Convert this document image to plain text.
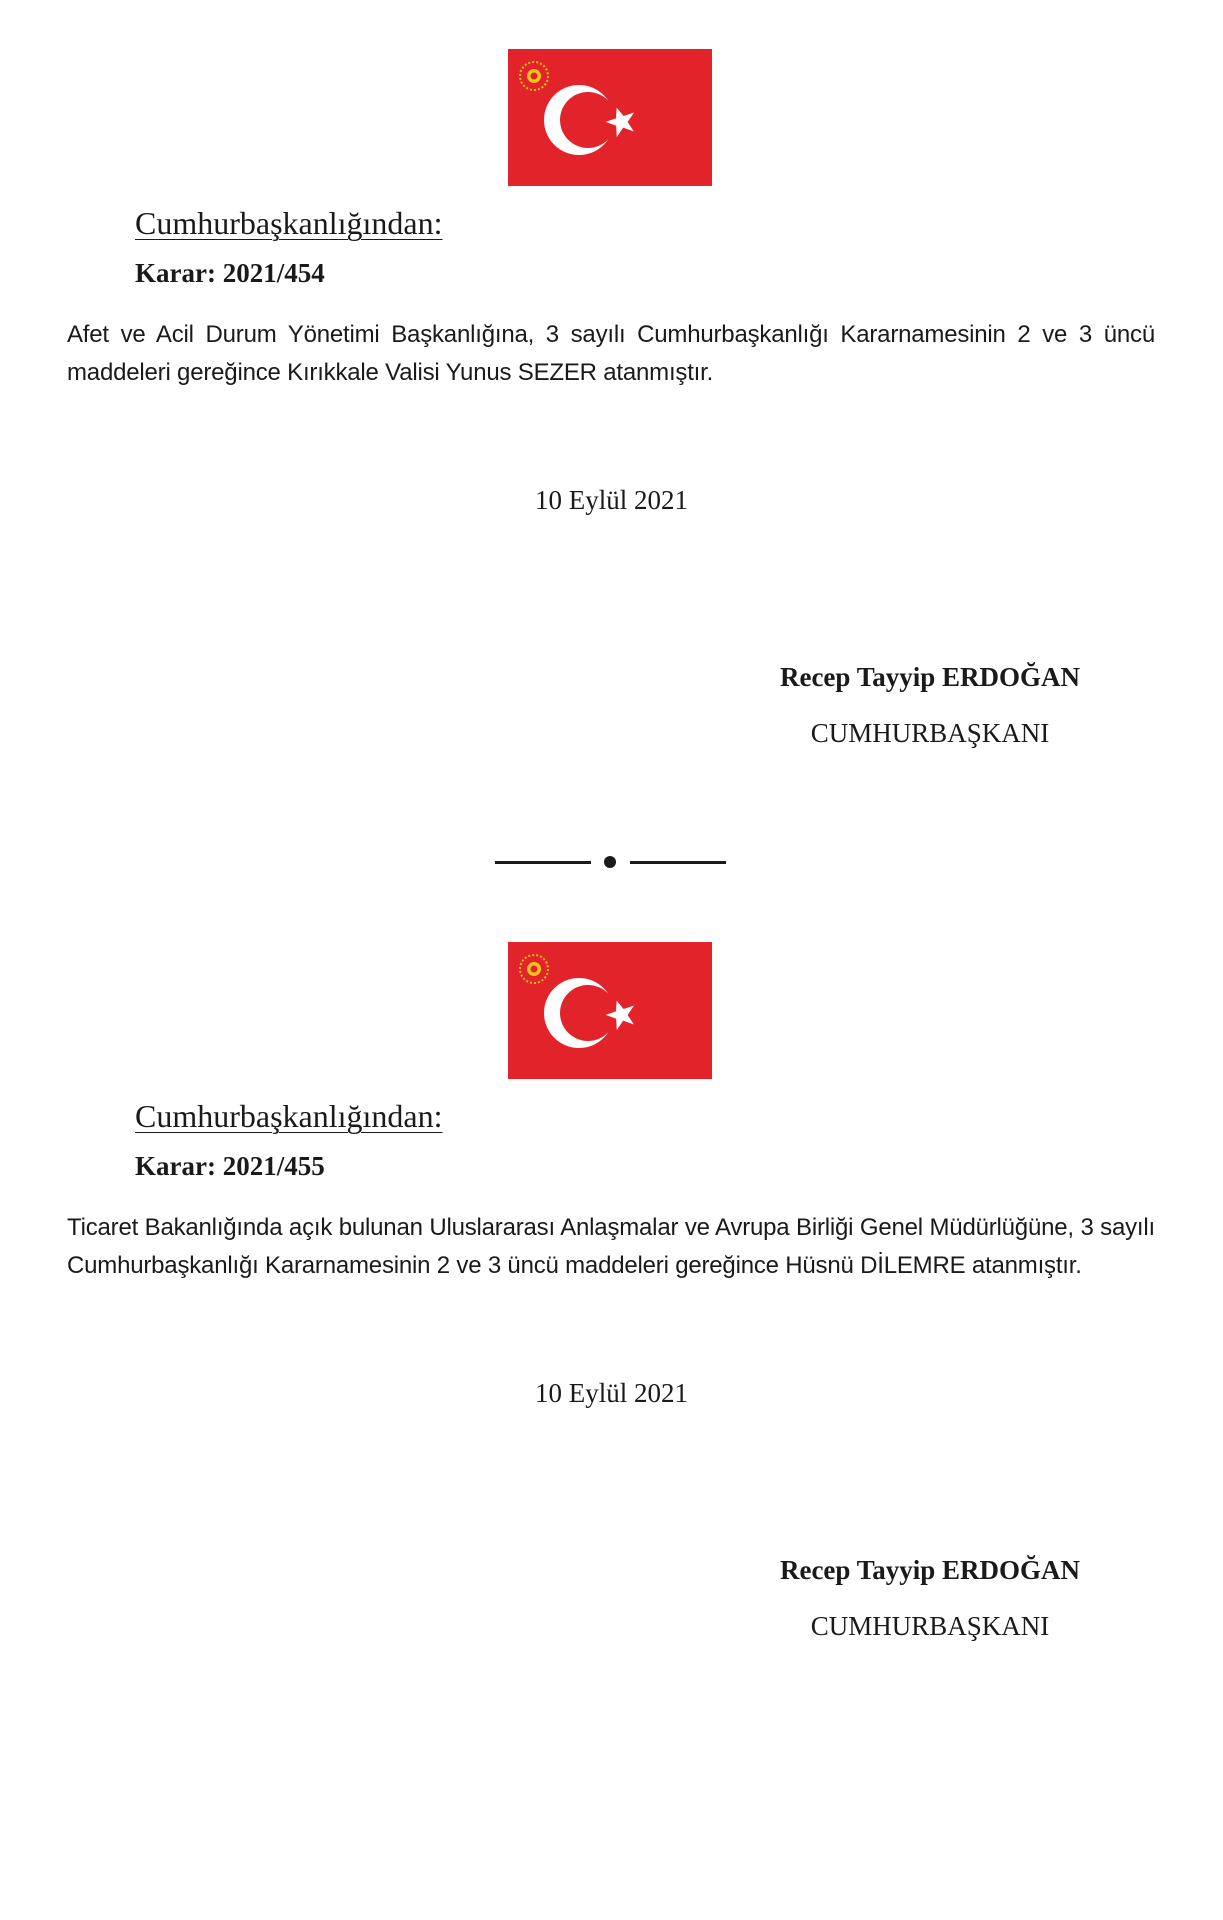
Cumhurbaşkanlığından:
Karar: 2021/454
Afet ve Acil Durum Yönetimi Başkanlığına, 3 sayılı Cumhurbaşkanlığı Kararnamesinin 2 ve 3 üncü maddeleri gereğince Kırıkkale Valisi Yunus SEZER atanmıştır.
10 Eylül 2021
Recep Tayyip ERDOĞAN
CUMHURBAŞKANI
Cumhurbaşkanlığından:
Karar: 2021/455
Ticaret Bakanlığında açık bulunan Uluslararası Anlaşmalar ve Avrupa Birliği Genel Müdürlüğüne, 3 sayılı Cumhurbaşkanlığı Kararnamesinin 2 ve 3 üncü maddeleri gereğince Hüsnü DİLEMRE atanmıştır.
10 Eylül 2021
Recep Tayyip ERDOĞAN
CUMHURBAŞKANI
